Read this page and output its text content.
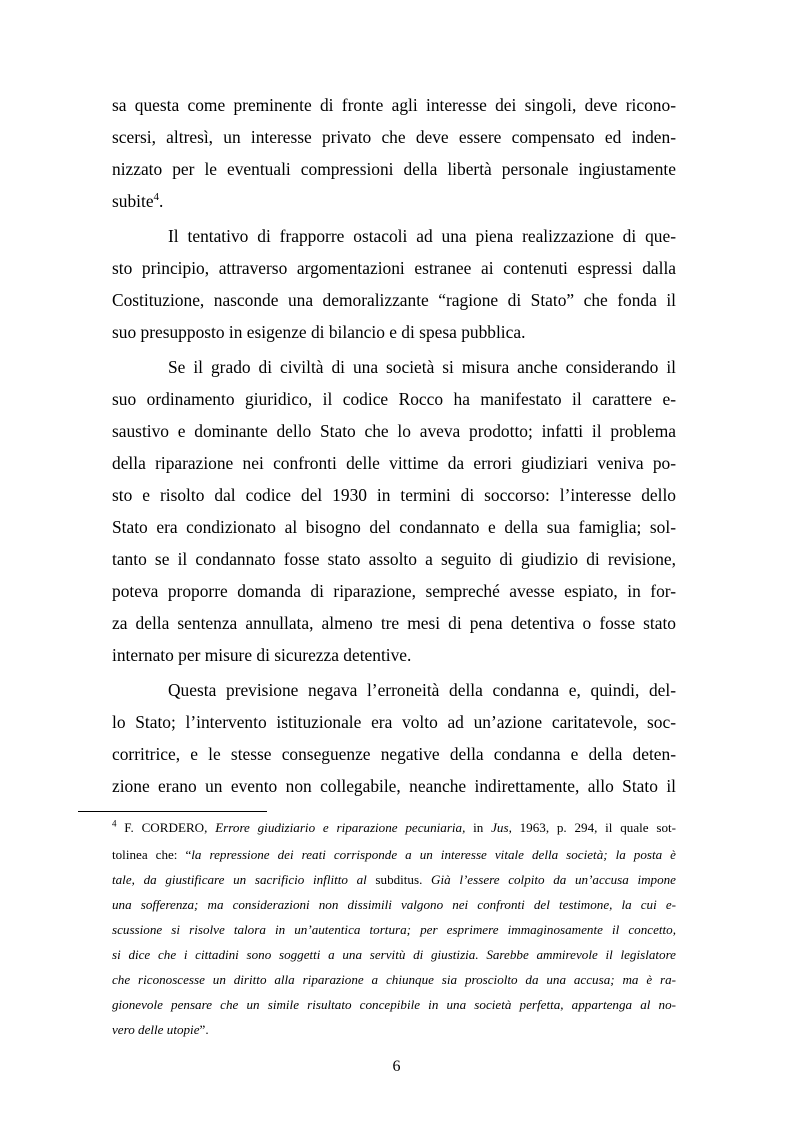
sa questa come preminente di fronte agli interesse dei singoli, deve ricono-
scersi, altresì, un interesse privato che deve essere compensato ed inden-
nizzato per le eventuali compressioni della libertà personale ingiustamente
subite$^4$.
Il tentativo di frapporre ostacoli ad una piena realizzazione di que-
sto principio, attraverso argomentazioni estranee ai contenuti espressi dalla
Costituzione, nasconde una demoralizzante “ragione di Stato” che fonda il
suo presupposto in esigenze di bilancio e di spesa pubblica.
Se il grado di civiltà di una società si misura anche considerando il
suo ordinamento giuridico, il codice Rocco ha manifestato il carattere e-
saustivo e dominante dello Stato che lo aveva prodotto; infatti il problema
della riparazione nei confronti delle vittime da errori giudiziari veniva po-
sto e risolto dal codice del 1930 in termini di soccorso: l’interesse dello
Stato era condizionato al bisogno del condannato e della sua famiglia; sol-
tanto se il condannato fosse stato assolto a seguito di giudizio di revisione,
poteva proporre domanda di riparazione, sempreché avesse espiato, in for-
za della sentenza annullata, almeno tre mesi di pena detentiva o fosse stato
internato per misure di sicurezza detentive.
Questa previsione negava l’erroneità della condanna e, quindi, del-
lo Stato; l’intervento istituzionale era volto ad un’azione caritatevole, soc-
corritrice, e le stesse conseguenze negative della condanna e della deten-
zione erano un evento non collegabile, neanche indirettamente, allo Stato il
$^4$ F. CORDERO, Errore giudiziario e riparazione pecuniaria, in Jus, 1963, p. 294, il quale sot-
tolinea che: “la repressione dei reati corrisponde a un interesse vitale della società; la posta è
tale, da giustificare un sacrificio inflitto al subditus. Già l’essere colpito da un’accusa impone
una sofferenza; ma considerazioni non dissimili valgono nei confronti del testimone, la cui e-
scussione si risolve talora in un’autentica tortura; per esprimere immaginosamente il concetto,
si dice che i cittadini sono soggetti a una servitù di giustizia. Sarebbe ammirevole il legislatore
che riconoscesse un diritto alla riparazione a chiunque sia prosciolto da una accusa; ma è ra-
gionevole pensare che un simile risultato concepibile in una società perfetta, appartenga al no-
vero delle utopie”.
6
